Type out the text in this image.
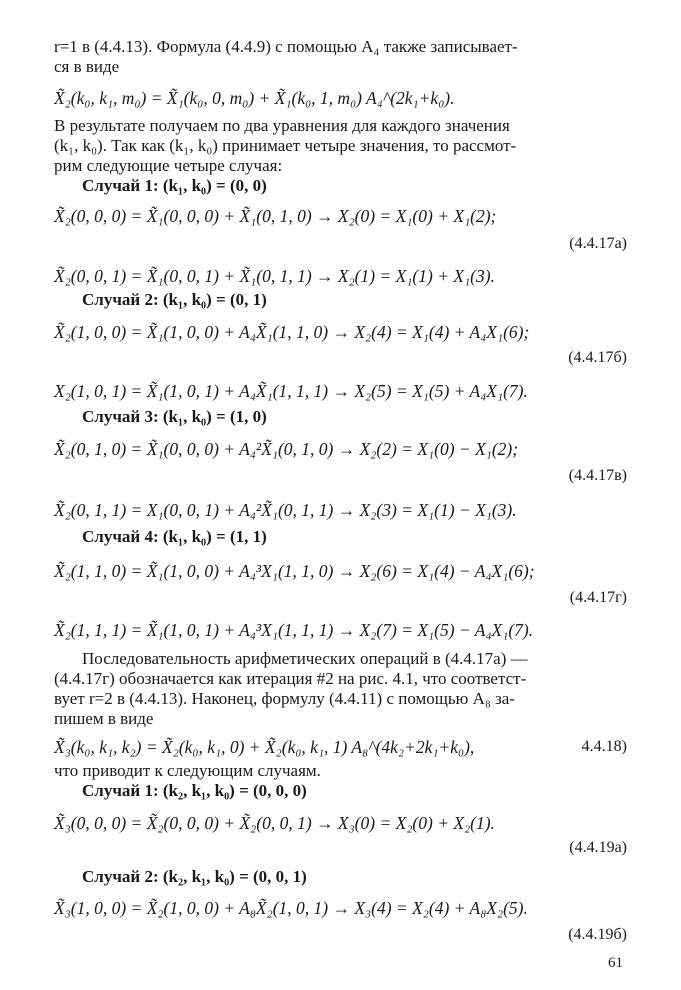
r=1 в (4.4.13). Формула (4.4.9) с помощью A₄ также записывает-
ся в виде
X̃₂(k₀, k₁, m₀) = X̃₁(k₀, 0, m₀) + X̃₁(k₀, 1, m₀) A₄^(2k₁+k₀).
В результате получаем по два уравнения для каждого значения
(k₁, k₀). Так как (k₁, k₀) принимает четыре значения, то рассмот-
рим следующие четыре случая:
Случай 1: (k₁, k₀) = (0, 0)
X̃₂(0, 0, 0) = X̃₁(0, 0, 0) + X̃₁(0, 1, 0) → X₂(0) = X₁(0) + X₁(2);
(4.4.17а)
X̃₂(0, 0, 1) = X̃₁(0, 0, 1) + X̃₁(0, 1, 1) → X₂(1) = X₁(1) + X₁(3).
Случай 2: (k₁, k₀) = (0, 1)
X̃₂(1, 0, 0) = X̃₁(1, 0, 0) + A₄X̃₁(1, 1, 0) → X₂(4) = X₁(4) + A₄X₁(6);
(4.4.17б)
X₂(1, 0, 1) = X̃₁(1, 0, 1) + A₄X̃₁(1, 1, 1) → X₂(5) = X₁(5) + A₄X₁(7).
Случай 3: (k₁, k₀) = (1, 0)
X̃₂(0, 1, 0) = X̃₁(0, 0, 0) + A₄²X̃₁(0, 1, 0) → X₂(2) = X₁(0) − X₁(2);
(4.4.17в)
X̃₂(0, 1, 1) = X₁(0, 0, 1) + A₄²X̃₁(0, 1, 1) → X₂(3) = X₁(1) − X₁(3).
Случай 4: (k₁, k₀) = (1, 1)
X̃₂(1, 1, 0) = X̃₁(1, 0, 0) + A₄³X₁(1, 1, 0) → X₂(6) = X₁(4) − A₄X₁(6);
(4.4.17г)
X̃₂(1, 1, 1) = X̃₁(1, 0, 1) + A₄³X₁(1, 1, 1) → X₂(7) = X₁(5) − A₄X₁(7).
Последовательность арифметических операций в (4.4.17а) —
(4.4.17г) обозначается как итерация #2 на рис. 4.1, что соответст-
вует r=2 в (4.4.13). Наконец, формулу (4.4.11) с помощью A₈ за-
пишем в виде
X̃₃(k₀, k₁, k₂) = X̃₂(k₀, k₁, 0) + X̃₂(k₀, k₁, 1) A₈^(4k₂+2k₁+k₀),	4.4.18)
что приводит к следующим случаям.
Случай 1: (k₂, k₁, k₀) = (0, 0, 0)
X̃₃(0, 0, 0) = X̃₂(0, 0, 0) + X̃₂(0, 0, 1) → X₃(0) = X₂(0) + X₂(1).
(4.4.19а)
Случай 2: (k₂, k₁, k₀) = (0, 0, 1)
X̃₃(1, 0, 0) = X̃₂(1, 0, 0) + A₈X̃₂(1, 0, 1) → X₃(4) = X₂(4) + A₈X₂(5).
(4.4.19б)
61
